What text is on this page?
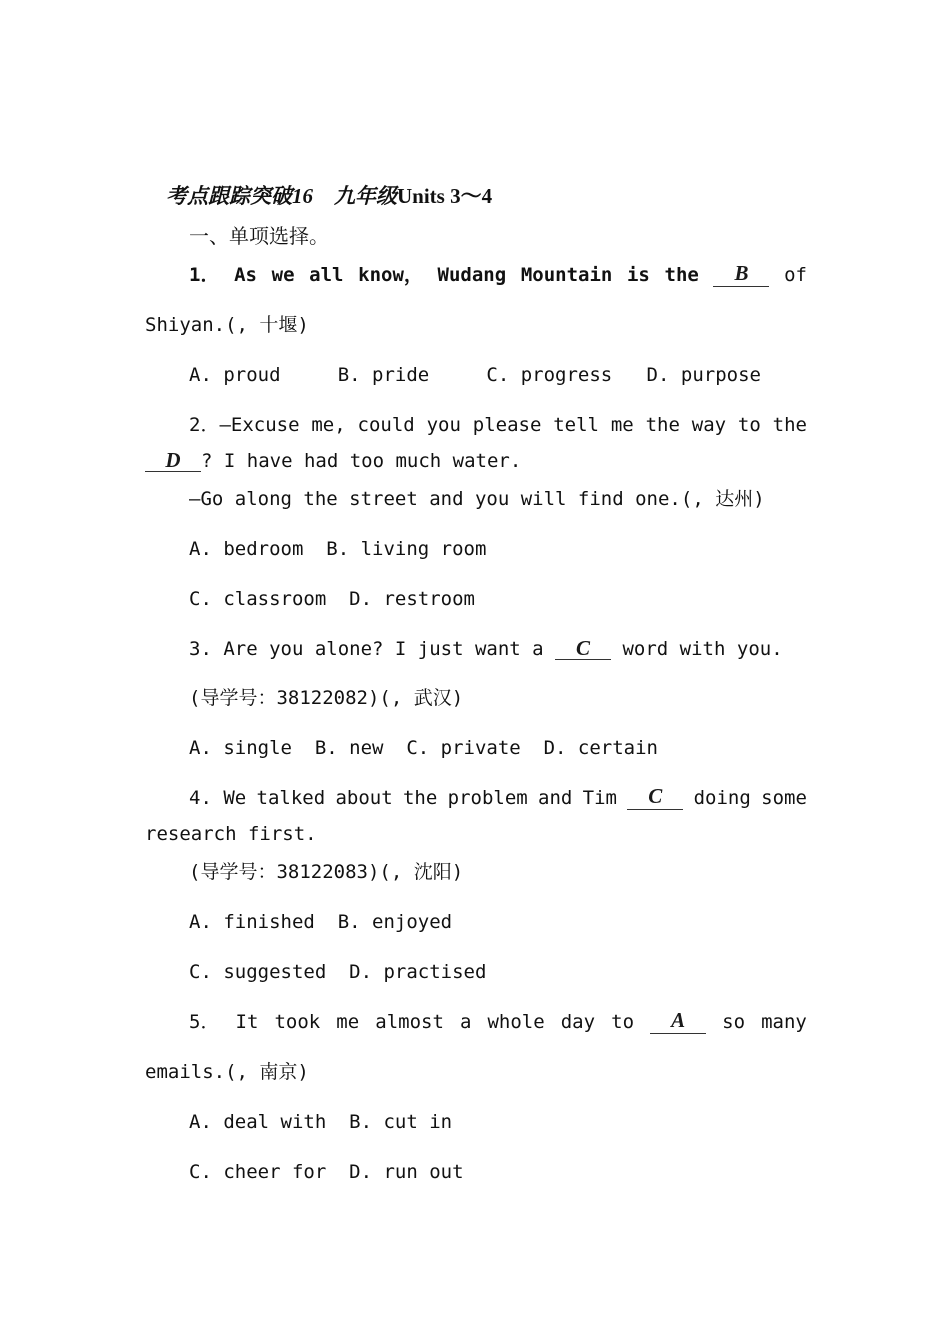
考点跟踪突破16　九年级Units 3～4

一、单项选择。
1． As we all know， Wudang Mountain is the	B	of
Shiyan.(, 十堰)
A. proud     B. pride     C. progress   D. purpose
2．—Excuse me, could you please tell me the way to the
D ? I have had too much water.
—Go along the street and you will find one.(, 达州)
A. bedroom  B. living room
C. classroom  D. restroom
3. Are you alone? I just want a C word with you.
(导学号：38122082)(, 武汉)
A. single  B. new  C. private  D. certain
4. We talked about the problem and Tim	C	doing some
research first.
(导学号：38122083)(, 沈阳)
A. finished  B. enjoyed
C. suggested  D. practised
5． It took me almost a whole day to	A	so many
emails.(, 南京)
A. deal with  B. cut in
C. cheer for  D. run out
